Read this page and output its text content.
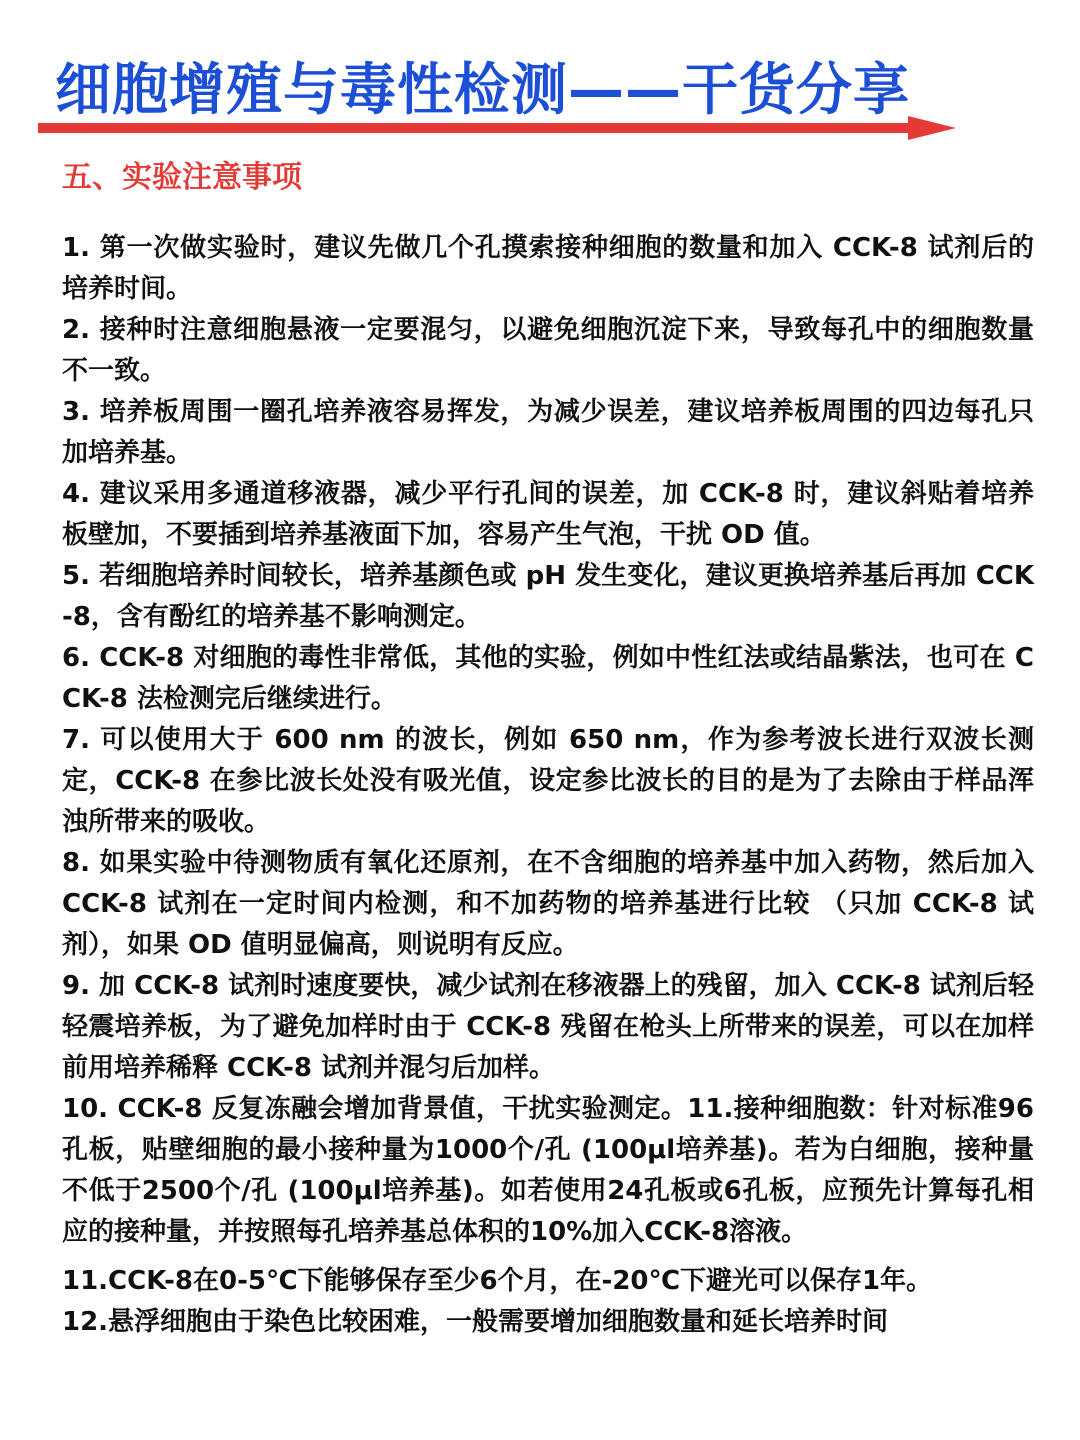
细胞增殖与毒性检测——干货分享
五、实验注意事项
1. 第一次做实验时，建议先做几个孔摸索接种细胞的数量和加入 CCK-8 试剂后的培养时间。
2. 接种时注意细胞悬液一定要混匀，以避免细胞沉淀下来，导致每孔中的细胞数量不一致。
3. 培养板周围一圈孔培养液容易挥发，为减少误差，建议培养板周围的四边每孔只加培养基。
4. 建议采用多通道移液器，减少平行孔间的误差，加 CCK-8 时，建议斜贴着培养板壁加，不要插到培养基液面下加，容易产生气泡，干扰 OD 值。
5. 若细胞培养时间较长，培养基颜色或 pH 发生变化，建议更换培养基后再加 CCK-8，含有酚红的培养基不影响测定。
6. CCK-8 对细胞的毒性非常低，其他的实验，例如中性红法或结晶紫法，也可在 CCK-8 法检测完后继续进行。
7. 可以使用大于 600 nm 的波长，例如 650 nm，作为参考波长进行双波长测定，CCK-8 在参比波长处没有吸光值，设定参比波长的目的是为了去除由于样品浑浊所带来的吸收。
8. 如果实验中待测物质有氧化还原剂，在不含细胞的培养基中加入药物，然后加入 CCK-8 试剂在一定时间内检测，和不加药物的培养基进行比较 （只加 CCK-8 试剂），如果 OD 值明显偏高，则说明有反应。
9. 加 CCK-8 试剂时速度要快，减少试剂在移液器上的残留，加入 CCK-8 试剂后轻轻震培养板，为了避免加样时由于 CCK-8 残留在枪头上所带来的误差，可以在加样前用培养稀释 CCK-8 试剂并混匀后加样。
10. CCK-8 反复冻融会增加背景值，干扰实验测定。11.接种细胞数：针对标准96孔板，贴壁细胞的最小接种量为1000个/孔 (100μl培养基)。若为白细胞，接种量不低于2500个/孔 (100μl培养基)。如若使用24孔板或6孔板，应预先计算每孔相应的接种量，并按照每孔培养基总体积的10%加入CCK-8溶液。
11.CCK-8在0-5℃下能够保存至少6个月，在-20℃下避光可以保存1年。
12.悬浮细胞由于染色比较困难，一般需要增加细胞数量和延长培养时间
